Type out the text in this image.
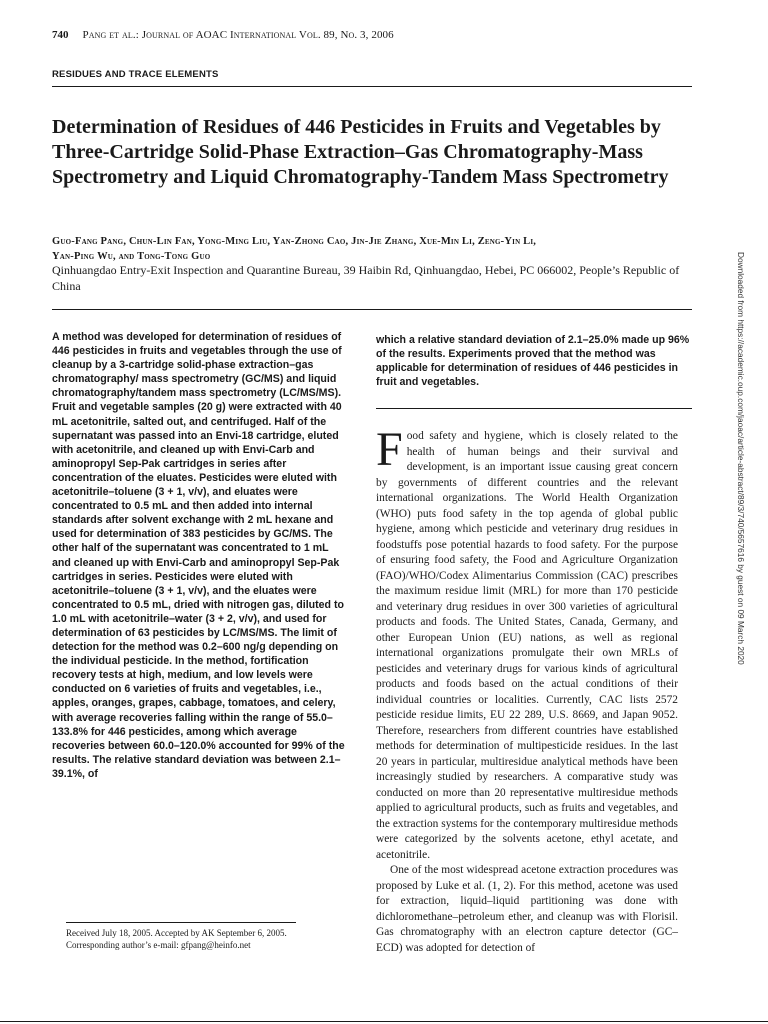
740 Pang et al.: Journal of AOAC International Vol. 89, No. 3, 2006
RESIDUES AND TRACE ELEMENTS
Determination of Residues of 446 Pesticides in Fruits and Vegetables by Three-Cartridge Solid-Phase Extraction–Gas Chromatography-Mass Spectrometry and Liquid Chromatography-Tandem Mass Spectrometry
Guo-Fang Pang, Chun-Lin Fan, Yong-Ming Liu, Yan-Zhong Cao, Jin-Jie Zhang, Xue-Min Li, Zeng-Yin Li,
Yan-Ping Wu, and Tong-Tong Guo
Qinhuangdao Entry-Exit Inspection and Quarantine Bureau, 39 Haibin Rd, Qinhuangdao, Hebei, PC 066002, People’s Republic of China

A method was developed for determination of residues of 446 pesticides in fruits and vegetables through the use of cleanup by a 3-cartridge solid-phase extraction–gas chromatography/ mass spectrometry (GC/MS) and liquid chromatography/tandem mass spectrometry (LC/MS/MS). Fruit and vegetable samples (20 g) were extracted with 40 mL acetonitrile, salted out, and centrifuged. Half of the supernatant was passed into an Envi-18 cartridge, eluted with acetonitrile, and cleaned up with Envi-Carb and aminopropyl Sep-Pak cartridges in series after concentration of the eluates. Pesticides were eluted with acetonitrile–toluene (3 + 1, v/v), and eluates were concentrated to 0.5 mL and then added into internal standards after solvent exchange with 2 mL hexane and used for determination of 383 pesticides by GC/MS. The other half of the supernatant was concentrated to 1 mL and cleaned up with Envi-Carb and aminopropyl Sep-Pak cartridges in series. Pesticides were eluted with acetonitrile–toluene (3 + 1, v/v), and the eluates were concentrated to 0.5 mL, dried with nitrogen gas, diluted to 1.0 mL with acetonitrile–water (3 + 2, v/v), and used for determination of 63 pesticides by LC/MS/MS. The limit of detection for the method was 0.2–600 ng/g depending on the individual pesticide. In the method, fortification recovery tests at high, medium, and low levels were conducted on 6 varieties of fruits and vegetables, i.e., apples, oranges, grapes, cabbage, tomatoes, and celery, with average recoveries falling within the range of 55.0–133.8% for 446 pesticides, among which average recoveries between 60.0–120.0% accounted for 99% of the results. The relative standard deviation was between 2.1–39.1%, of

which a relative standard deviation of 2.1–25.0% made up 96% of the results. Experiments proved that the method was applicable for determination of residues of 446 pesticides in fruit and vegetables.

Food safety and hygiene, which is closely related to the health of human beings and their survival and development, is an important issue causing great concern by governments of different countries and the relevant international organizations. The World Health Organization (WHO) puts food safety in the top agenda of global public hygiene, among which pesticide and veterinary drug residues in foodstuffs pose potential hazards to food safety. For the purpose of ensuring food safety, the Food and Agriculture Organization (FAO)/WHO/Codex Alimentarius Commission (CAC) prescribes the maximum residue limit (MRL) for more than 170 pesticide and veterinary drug residues in over 300 varieties of agricultural products and foods. The United States, Canada, Germany, and other European Union (EU) nations, as well as regional international organizations promulgate their own MRLs of pesticides and veterinary drugs for various kinds of agricultural products and foods based on the actual conditions of their individual countries or localities. Currently, CAC lists 2572 pesticide residue limits, EU 22 289, U.S. 8669, and Japan 9052. Therefore, researchers from different countries have established methods for determination of multipesticide residues. In the last 20 years in particular, multiresidue analytical methods have been increasingly studied by researchers. A comparative study was conducted on more than 20 representative multiresidue methods applied to agricultural products, such as fruits and vegetables, and the extraction systems for the contemporary multiresidue methods were categorized by the solvents acetone, ethyl acetate, and acetonitrile.

One of the most widespread acetone extraction procedures was proposed by Luke et al. (1, 2). For this method, acetone was used for extraction, liquid–liquid partitioning was done with dichloromethane–petroleum ether, and cleanup was with Florisil. Gas chromatography with an electron capture detector (GC–ECD) was adopted for detection of

Received July 18, 2005. Accepted by AK September 6, 2005.
Corresponding author’s e-mail: gfpang@heinfo.net
Downloaded from https://academic.oup.com/jaoac/article-abstract/89/3/740/5657616 by guest on 09 March 2020
